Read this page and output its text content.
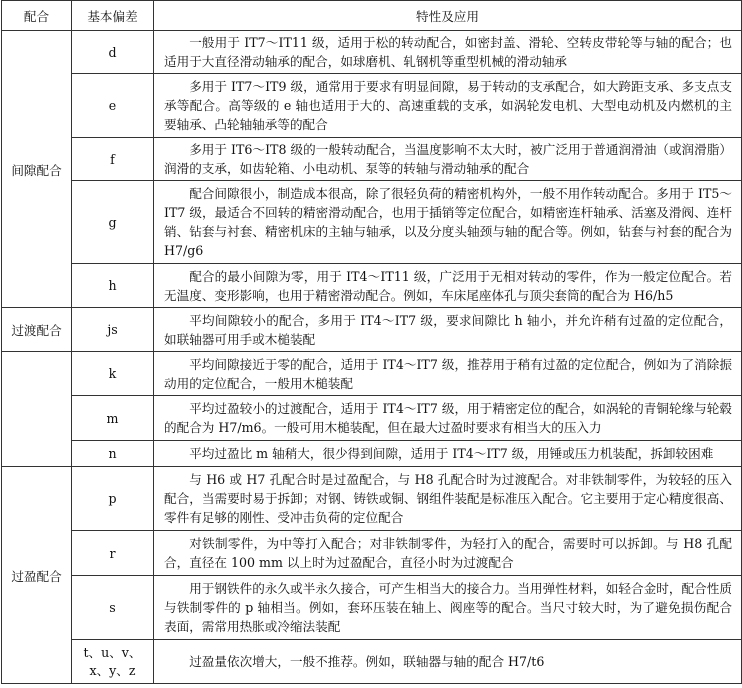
配合	基本偏差	特性及应用
间隙配合	d	一般用于 IT7～IT11 级，适用于松的转动配合，如密封盖、滑轮、空转皮带轮等与轴的配合；也适用于大直径滑动轴承的配合，如球磨机、轧钢机等重型机械的滑动轴承
	e	多用于 IT7～IT9 级，通常用于要求有明显间隙，易于转动的支承配合，如大跨距支承、多支点支承等配合。高等级的 e 轴也适用于大的、高速重载的支承，如涡轮发电机、大型电动机及内燃机的主要轴承、凸轮轴轴承等的配合
	f	多用于 IT6～IT8 级的一般转动配合，当温度影响不太大时，被广泛用于普通润滑油（或润滑脂）润滑的支承，如齿轮箱、小电动机、泵等的转轴与滑动轴承的配合
	g	配合间隙很小，制造成本很高，除了很轻负荷的精密机构外，一般不用作转动配合。多用于 IT5～IT7 级，最适合不回转的精密滑动配合，也用于插销等定位配合，如精密连杆轴承、活塞及滑阀、连杆销、钻套与衬套、精密机床的主轴与轴承，以及分度头轴颈与轴的配合等。例如，钻套与衬套的配合为 H7/g6
	h	配合的最小间隙为零，用于 IT4～IT11 级，广泛用于无相对转动的零件，作为一般定位配合。若无温度、变形影响，也用于精密滑动配合。例如，车床尾座体孔与顶尖套筒的配合为 H6/h5
过渡配合	js	平均间隙较小的配合，多用于 IT4～IT7 级，要求间隙比 h 轴小，并允许稍有过盈的定位配合，如联轴器可用手或木槌装配
	k	平均间隙接近于零的配合，适用于 IT4～IT7 级，推荐用于稍有过盈的定位配合，例如为了消除振动用的定位配合，一般用木槌装配
	m	平均过盈较小的过渡配合，适用于 IT4～IT7 级，用于精密定位的配合，如涡轮的青铜轮缘与轮毂的配合为 H7/m6。一般可用木槌装配，但在最大过盈时要求有相当大的压入力
	n	平均过盈比 m 轴稍大，很少得到间隙，适用于 IT4～IT7 级，用锤或压力机装配，拆卸较困难
过盈配合	p	与 H6 或 H7 孔配合时是过盈配合，与 H8 孔配合时为过渡配合。对非铁制零件，为较轻的压入配合，当需要时易于拆卸；对钢、铸铁或铜、钢组件装配是标准压入配合。它主要用于定心精度很高、零件有足够的刚性、受冲击负荷的定位配合
	r	对铁制零件，为中等打入配合；对非铁制零件，为轻打入的配合，需要时可以拆卸。与 H8 孔配合，直径在 100 mm 以上时为过盈配合，直径小时为过渡配合
	s	用于钢铁件的永久或半永久接合，可产生相当大的接合力。当用弹性材料，如轻合金时，配合性质与铁制零件的 p 轴相当。例如，套环压装在轴上、阀座等的配合。当尺寸较大时，为了避免损伤配合表面，需常用热胀或冷缩法装配
	t、u、v、x、y、z	过盈量依次增大，一般不推荐。例如，联轴器与轴的配合 H7/t6
